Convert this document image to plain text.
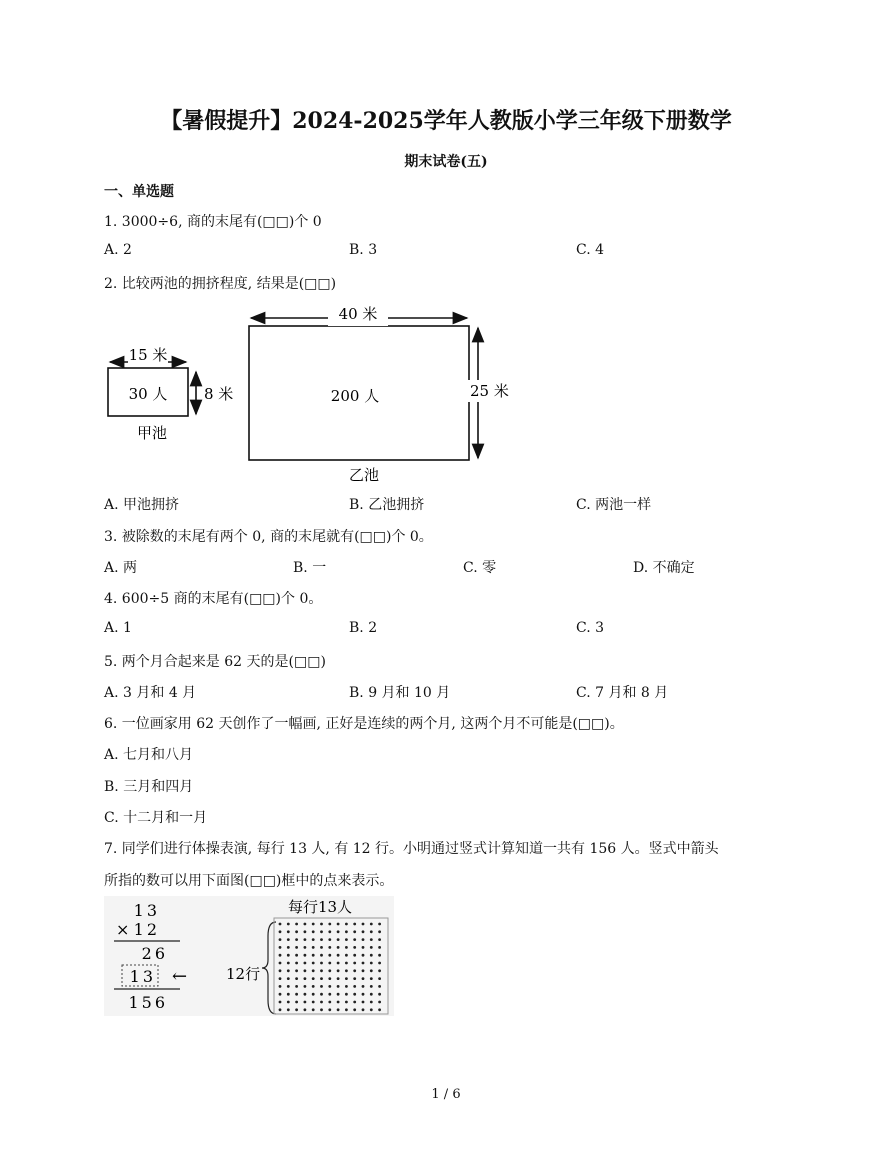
【暑假提升】2024-2025学年人教版小学三年级下册数学
期末试卷(五)
一、单选题
1. 3000÷6, 商的末尾有(□□)个 0
A. 2	B. 3	C. 4
2. 比较两池的拥挤程度, 结果是(□□)
15 米
8 米
30 人
甲池
40 米
25 米
200 人
乙池
A. 甲池拥挤	B. 乙池拥挤	C. 两池一样
3. 被除数的末尾有两个 0, 商的末尾就有(□□)个 0。
A. 两	B. 一	C. 零	D. 不确定
4. 600÷5 商的末尾有(□□)个 0。
A. 1	B. 2	C. 3
5. 两个月合起来是 62 天的是(□□)
A. 3 月和 4 月	B. 9 月和 10 月	C. 7 月和 8 月
6. 一位画家用 62 天创作了一幅画, 正好是连续的两个月, 这两个月不可能是(□□)。
A. 七月和八月
B. 三月和四月
C. 十二月和一月
7. 同学们进行体操表演, 每行 13 人, 有 12 行。小明通过竖式计算知道一共有 156 人。竖式中箭头
所指的数可以用下面图(□□)框中的点来表示。
13
× 12
26
13 ←
156
每行13人
12行
1 / 6
